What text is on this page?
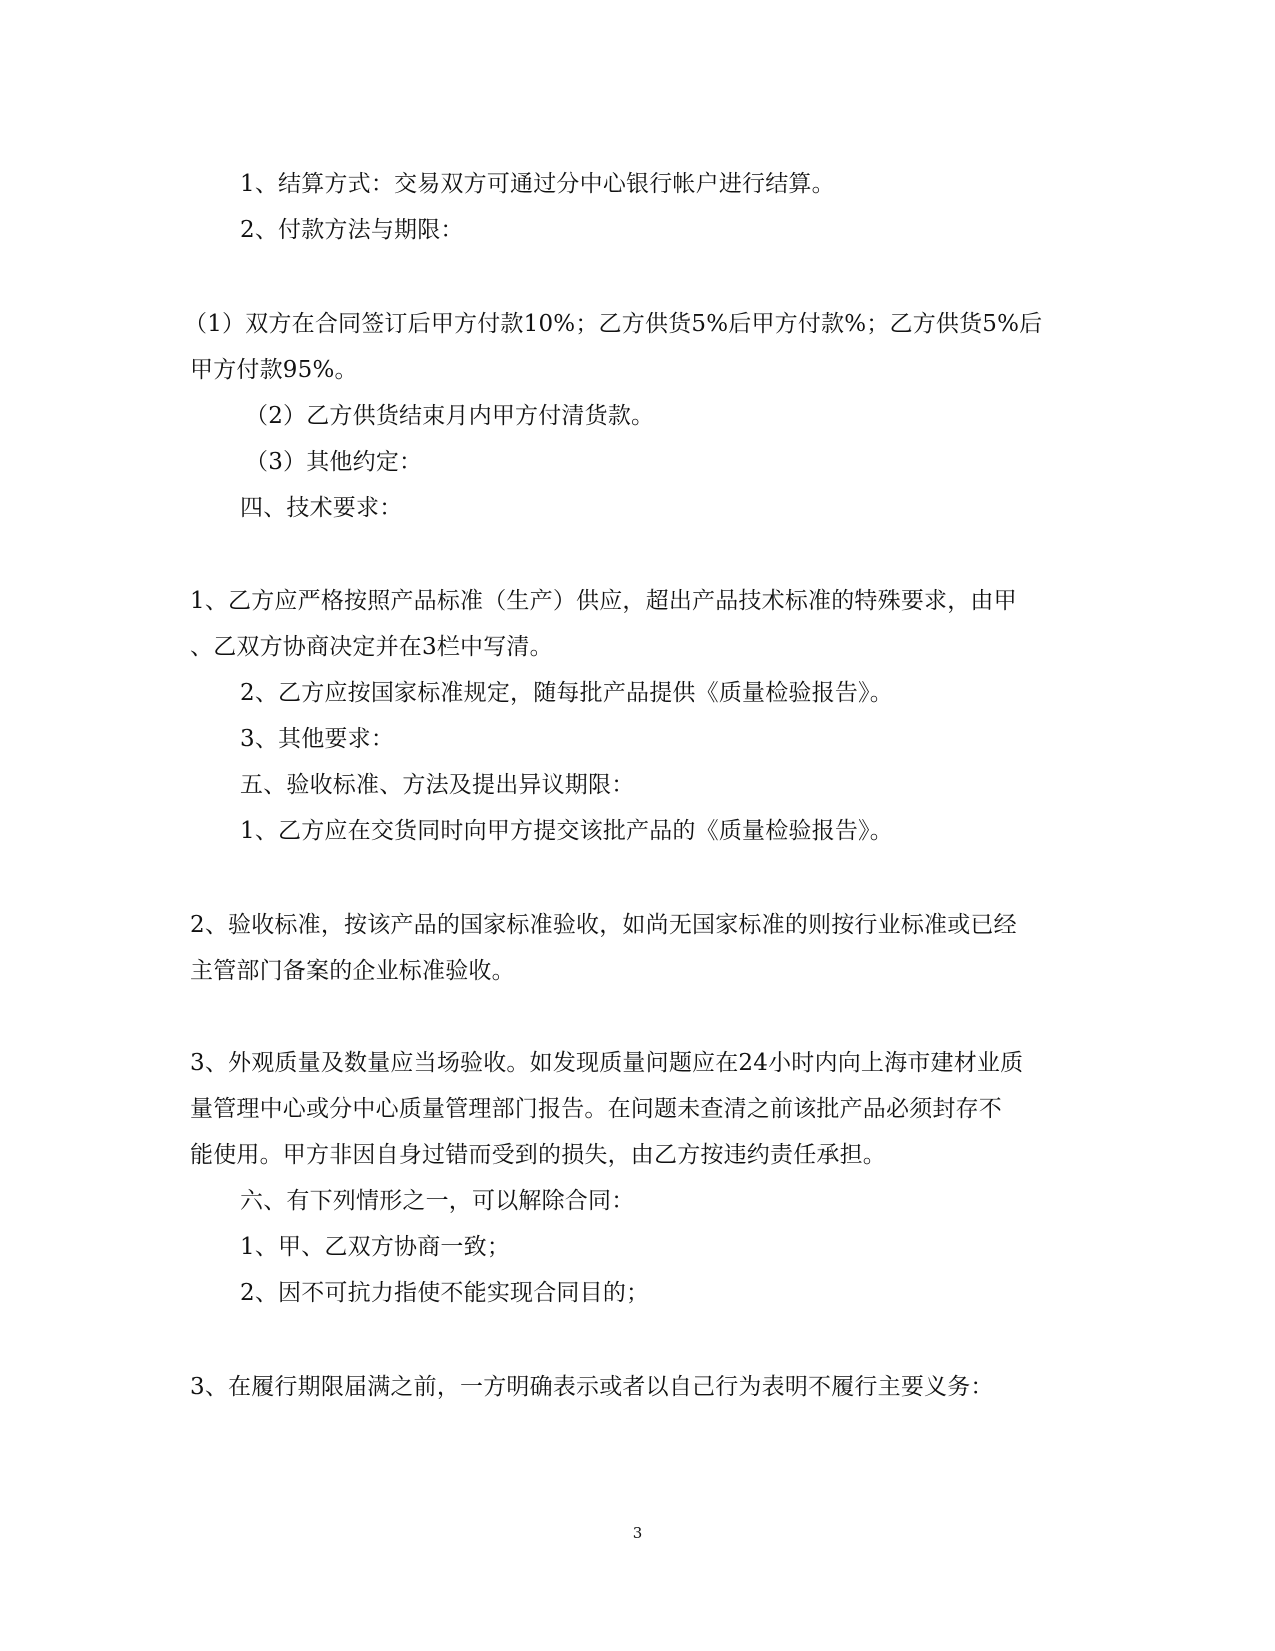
1、结算方式：交易双方可通过分中心银行帐户进行结算。
2、付款方法与期限：
（1）双方在合同签订后甲方付款10%；乙方供货5%后甲方付款%；乙方供货5%后
甲方付款95%。
（2）乙方供货结束月内甲方付清货款。
（3）其他约定：
四、技术要求：
1、乙方应严格按照产品标准（生产）供应，超出产品技术标准的特殊要求，由甲
、乙双方协商决定并在3栏中写清。
2、乙方应按国家标准规定，随每批产品提供《质量检验报告》。
3、其他要求：
五、验收标准、方法及提出异议期限：
1、乙方应在交货同时向甲方提交该批产品的《质量检验报告》。
2、验收标准，按该产品的国家标准验收，如尚无国家标准的则按行业标准或已经
主管部门备案的企业标准验收。
3、外观质量及数量应当场验收。如发现质量问题应在24小时内向上海市建材业质
量管理中心或分中心质量管理部门报告。在问题未查清之前该批产品必须封存不
能使用。甲方非因自身过错而受到的损失，由乙方按违约责任承担。
六、有下列情形之一，可以解除合同：
1、甲、乙双方协商一致；
2、因不可抗力指使不能实现合同目的；
3、在履行期限届满之前，一方明确表示或者以自己行为表明不履行主要义务：
3
